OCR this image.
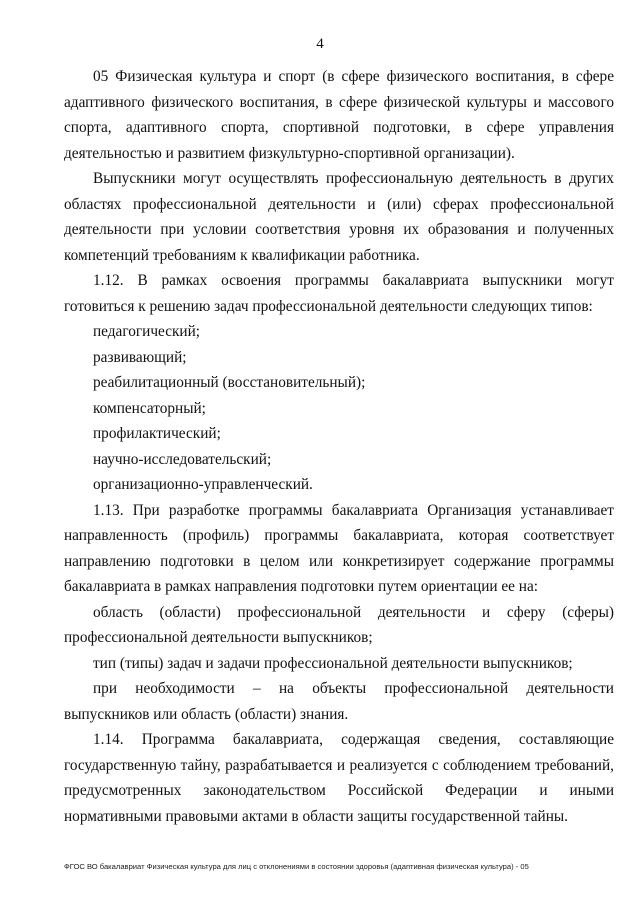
4

05 Физическая культура и спорт (в сфере физического воспитания, в сфере адаптивного физического воспитания, в сфере физической культуры и массового спорта, адаптивного спорта, спортивной подготовки, в сфере управления деятельностью и развитием физкультурно-спортивной организации).

Выпускники могут осуществлять профессиональную деятельность в других областях профессиональной деятельности и (или) сферах профессиональной деятельности при условии соответствия уровня их образования и полученных компетенций требованиям к квалификации работника.

1.12. В рамках освоения программы бакалавриата выпускники могут готовиться к решению задач профессиональной деятельности следующих типов:

педагогический;

развивающий;

реабилитационный (восстановительный);

компенсаторный;

профилактический;

научно-исследовательский;

организационно-управленческий.

1.13. При разработке программы бакалавриата Организация устанавливает направленность (профиль) программы бакалавриата, которая соответствует направлению подготовки в целом или конкретизирует содержание программы бакалавриата в рамках направления подготовки путем ориентации ее на:

область (области) профессиональной деятельности и сферу (сферы) профессиональной деятельности выпускников;

тип (типы) задач и задачи профессиональной деятельности выпускников;

при необходимости – на объекты профессиональной деятельности выпускников или область (области) знания.

1.14. Программа бакалавриата, содержащая сведения, составляющие государственную тайну, разрабатывается и реализуется с соблюдением требований, предусмотренных законодательством Российской Федерации и иными нормативными правовыми актами в области защиты государственной тайны.

ФГОС ВО бакалавриат Физическая культура для лиц с отклонениями в состоянии здоровья (адаптивная физическая культура) - 05
